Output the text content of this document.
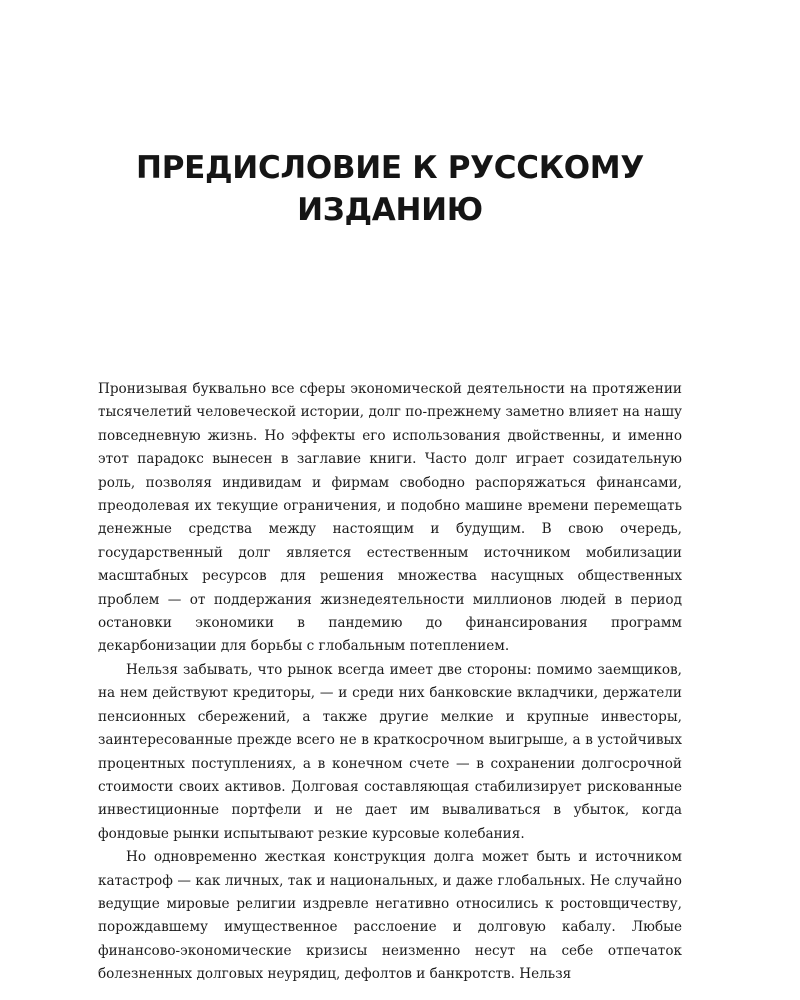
ПРЕДИСЛОВИЕ К РУССКОМУ
ИЗДАНИЮ

Пронизывая буквально все сферы экономической деятельности на протяжении тысячелетий человеческой истории, долг по-прежнему заметно влияет на нашу повседневную жизнь. Но эффекты его использования двойственны, и именно этот парадокс вынесен в заглавие книги. Часто долг играет созидательную роль, позволяя индивидам и фирмам свободно распоряжаться финансами, преодолевая их текущие ограничения, и подобно машине времени перемещать денежные средства между настоящим и будущим. В свою очередь, государственный долг является естественным источником мобилизации масштабных ресурсов для решения множества насущных общественных проблем — от поддержания жизнедеятельности миллионов людей в период остановки экономики в пандемию до финансирования программ декарбонизации для борьбы с глобальным потеплением.

Нельзя забывать, что рынок всегда имеет две стороны: помимо заемщиков, на нем действуют кредиторы, — и среди них банковские вкладчики, держатели пенсионных сбережений, а также другие мелкие и крупные инвесторы, заинтересованные прежде всего не в краткосрочном выигрыше, а в устойчивых процентных поступлениях, а в конечном счете — в сохранении долгосрочной стоимости своих активов. Долговая составляющая стабилизирует рискованные инвестиционные портфели и не дает им вываливаться в убыток, когда фондовые рынки испытывают резкие курсовые колебания.

Но одновременно жесткая конструкция долга может быть и источником катастроф — как личных, так и национальных, и даже глобальных. Не случайно ведущие мировые религии издревле негативно относились к ростовщичеству, порождавшему имущественное расслоение и долговую кабалу. Любые финансово-экономические кризисы неизменно несут на себе отпечаток болезненных долговых неурядиц, дефолтов и банкротств. Нельзя
